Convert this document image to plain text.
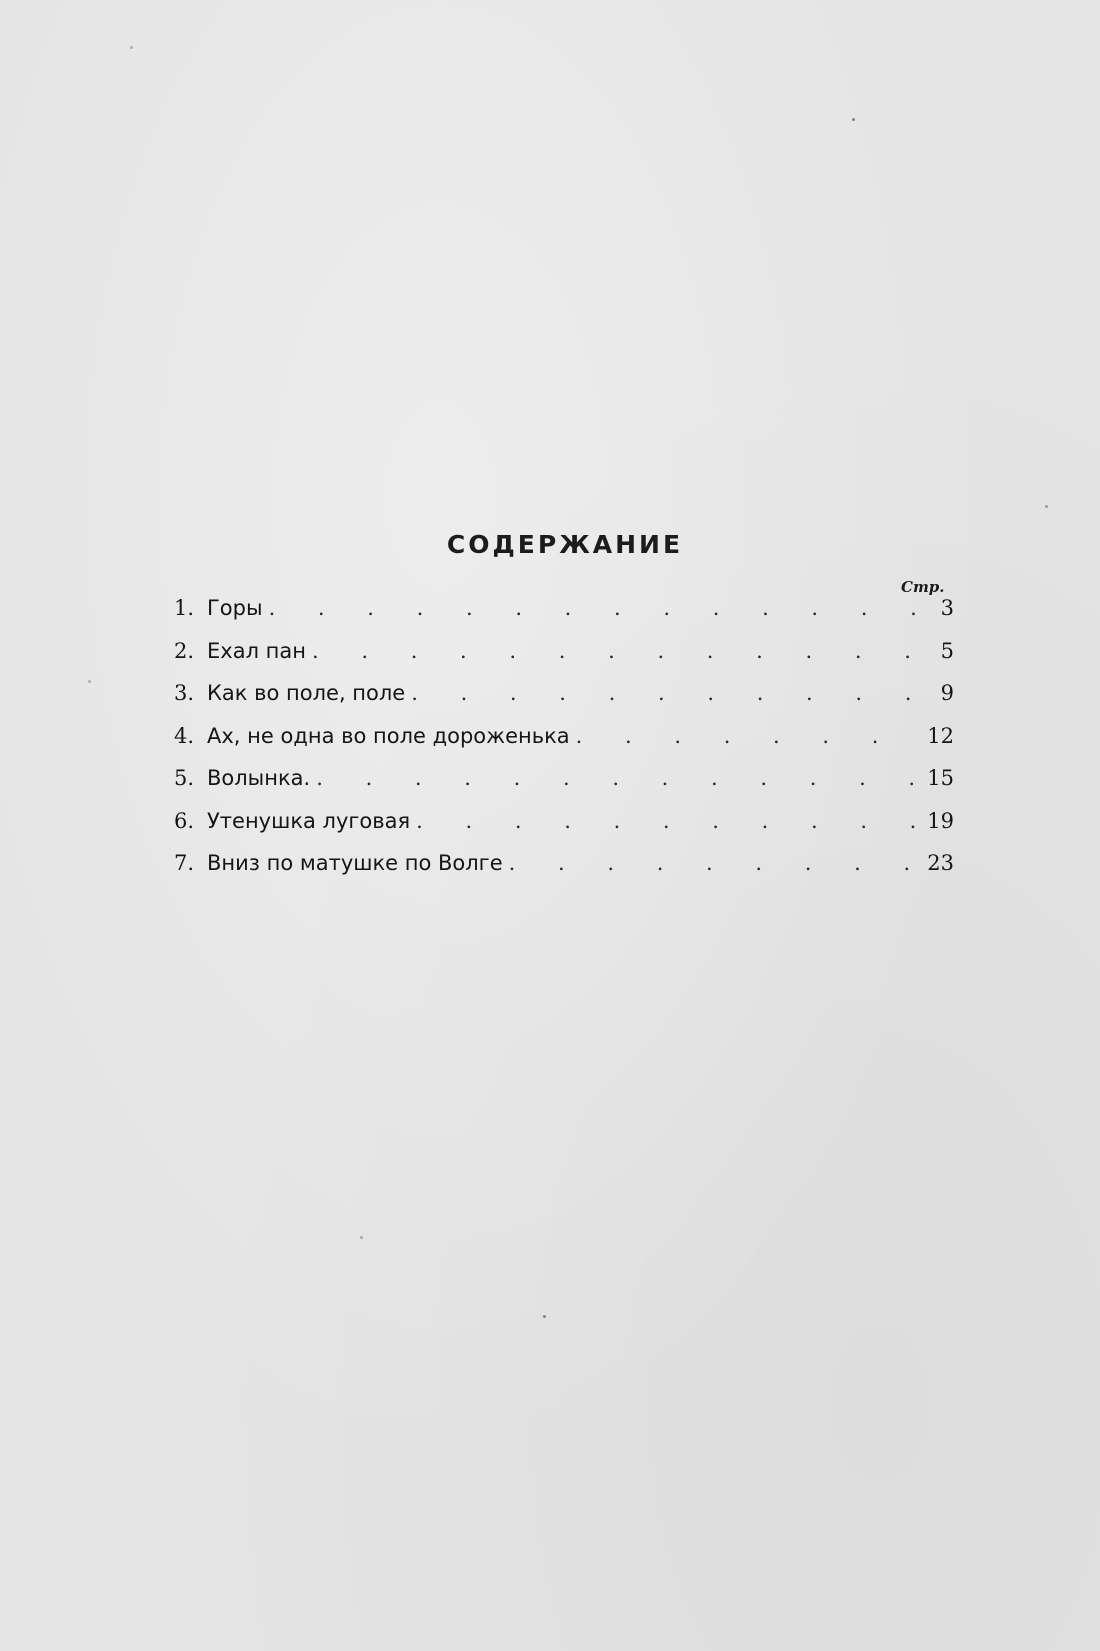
СОДЕРЖАНИЕ
Стр.
1. Горы . . .	3
2. Ехал пан . . .	5
3. Как во поле, поле . . .	9
4. Ах, не одна во поле дороженька . . .	12
5. Волынка. . . .	15
6. Утенушка луговая . . .	19
7. Вниз по матушке по Волге . . .	23
